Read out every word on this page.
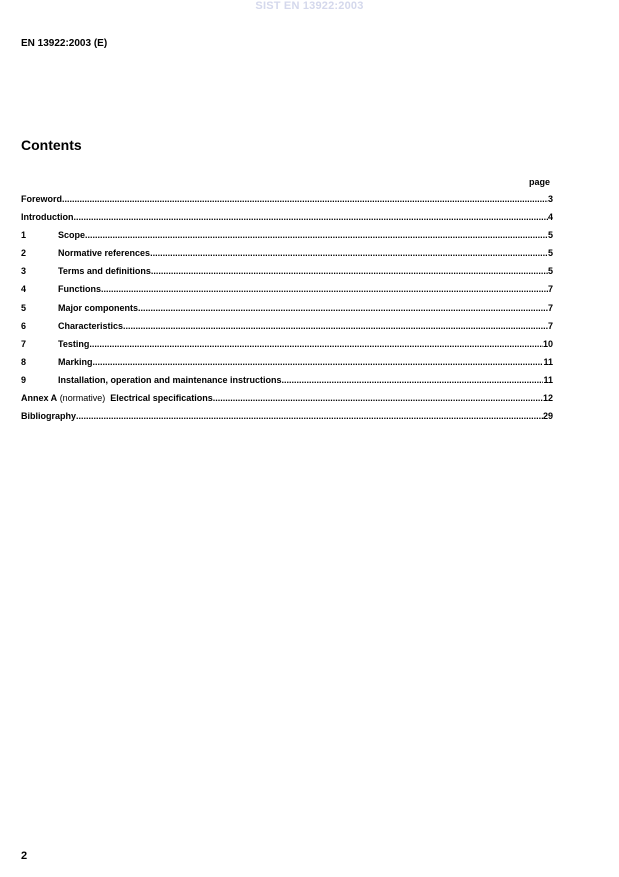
SIST EN 13922:2003
EN 13922:2003 (E)
Contents
page
Foreword .....	3
Introduction .....	4
1	Scope .....	5
2	Normative references .....	5
3	Terms and definitions .....	5
4	Functions .....	7
5	Major components .....	7
6	Characteristics .....	7
7	Testing .....	10
8	Marking .....	11
9	Installation, operation and maintenance instructions .....	11
Annex A (normative) Electrical specifications .....	12
Bibliography .....	29
2
